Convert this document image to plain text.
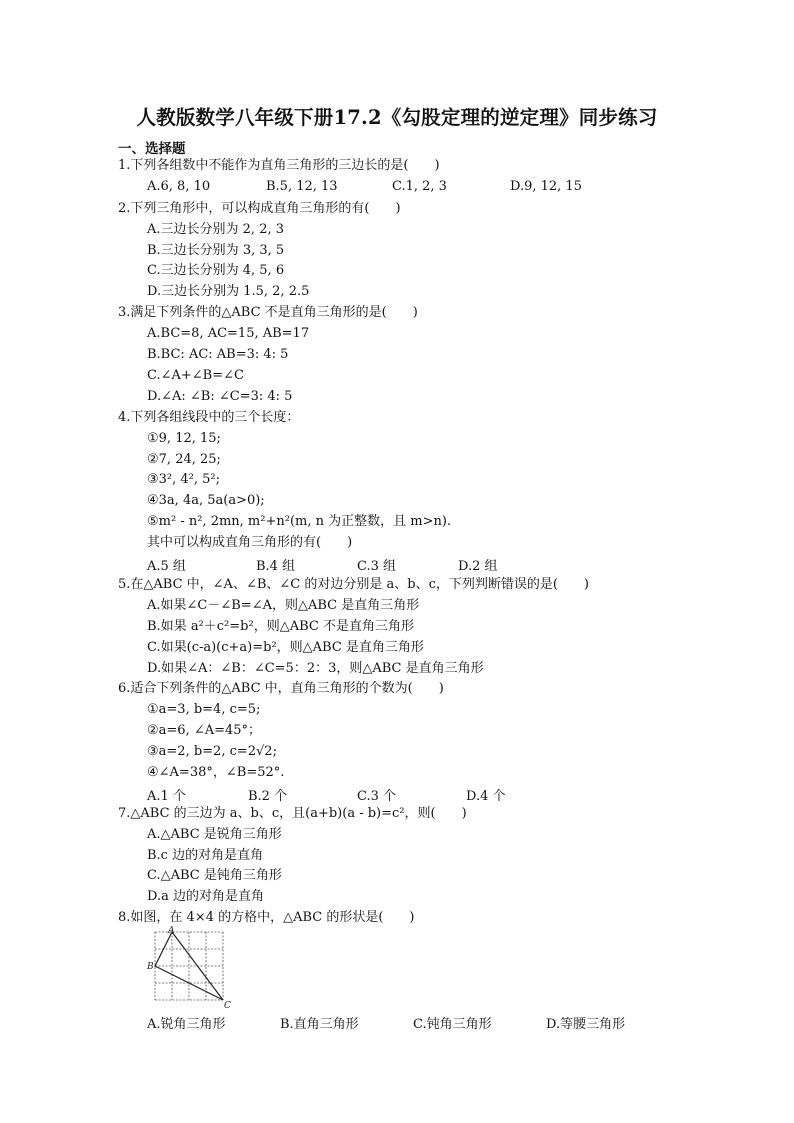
人教版数学八年级下册17.2《勾股定理的逆定理》同步练习
一、选择题
1.下列各组数中不能作为直角三角形的三边长的是(　　)
A.6, 8, 10	B.5, 12, 13	C.1, 2, 3	D.9, 12, 15
2.下列三角形中，可以构成直角三角形的有(　　)
A.三边长分别为 2, 2, 3
B.三边长分别为 3, 3, 5
C.三边长分别为 4, 5, 6
D.三边长分别为 1.5, 2, 2.5
3.满足下列条件的△ABC 不是直角三角形的是(　　)
A.BC=8, AC=15, AB=17
B.BC: AC: AB=3: 4: 5
C.∠A+∠B=∠C
D.∠A: ∠B: ∠C=3: 4: 5
4.下列各组线段中的三个长度：
①9, 12, 15;
②7, 24, 25;
③3², 4², 5²;
④3a, 4a, 5a(a>0);
⑤m² - n², 2mn, m²+n²(m, n 为正整数，且 m>n).
其中可以构成直角三角形的有(　　)
A.5 组	B.4 组	C.3 组	D.2 组
5.在△ABC 中，∠A、∠B、∠C 的对边分别是 a、b、c，下列判断错误的是(　　)
A.如果∠C－∠B=∠A，则△ABC 是直角三角形
B.如果 a²＋c²=b²，则△ABC 不是直角三角形
C.如果(c-a)(c+a)=b²，则△ABC 是直角三角形
D.如果∠A：∠B：∠C=5：2：3，则△ABC 是直角三角形
6.适合下列条件的△ABC 中，直角三角形的个数为(　　)
①a=3, b=4, c=5;
②a=6, ∠A=45°；
③a=2, b=2, c=2√2;
④∠A=38°，∠B=52°.
A.1 个	B.2 个	C.3 个	D.4 个
7.△ABC 的三边为 a、b、c，且(a+b)(a - b)=c²，则(　　)
A.△ABC 是锐角三角形
B.c 边的对角是直角
C.△ABC 是钝角三角形
D.a 边的对角是直角
8.如图，在 4×4 的方格中，△ABC 的形状是(　　)
A
B
C
A.锐角三角形	B.直角三角形	C.钝角三角形	D.等腰三角形
